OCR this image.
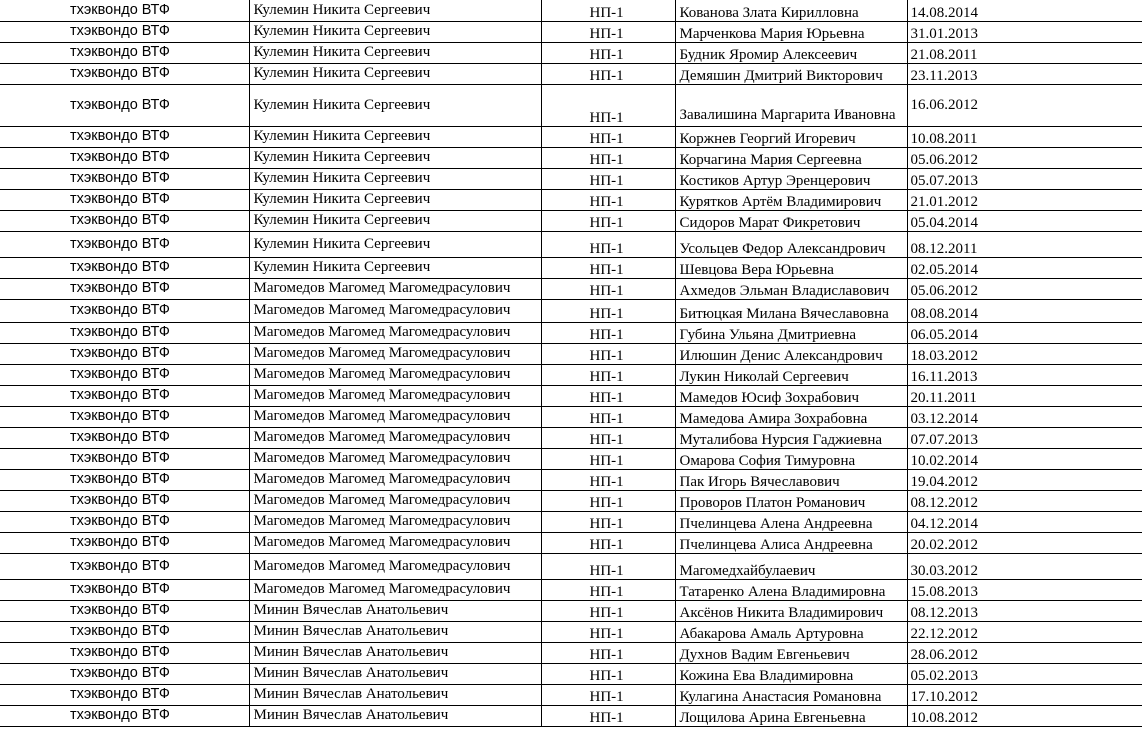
	тхэквондо ВТФ	Кулемин Никита Сергеевич	НП-1	Кованова Злата Кирилловна	14.08.2014
	тхэквондо ВТФ	Кулемин Никита Сергеевич	НП-1	Марченкова Мария Юрьевна	31.01.2013
	тхэквондо ВТФ	Кулемин Никита Сергеевич	НП-1	Будник Яромир Алексеевич	21.08.2011
	тхэквондо ВТФ	Кулемин Никита Сергеевич	НП-1	Демяшин Дмитрий Викторович	23.11.2013
	тхэквондо ВТФ	Кулемин Никита Сергеевич	НП-1	Завалишина Маргарита Ивановна	16.06.2012
	тхэквондо ВТФ	Кулемин Никита Сергеевич	НП-1	Коржнев Георгий Игоревич	10.08.2011
	тхэквондо ВТФ	Кулемин Никита Сергеевич	НП-1	Корчагина Мария Сергеевна	05.06.2012
	тхэквондо ВТФ	Кулемин Никита Сергеевич	НП-1	Костиков Артур Эренцерович	05.07.2013
	тхэквондо ВТФ	Кулемин Никита Сергеевич	НП-1	Курятков Артём Владимирович	21.01.2012
	тхэквондо ВТФ	Кулемин Никита Сергеевич	НП-1	Сидоров Марат Фикретович	05.04.2014
	тхэквондо ВТФ	Кулемин Никита Сергеевич	НП-1	Усольцев Федор Александрович	08.12.2011
	тхэквондо ВТФ	Кулемин Никита Сергеевич	НП-1	Шевцова Вера Юрьевна	02.05.2014
	тхэквондо ВТФ	Магомедов Магомед Магомедрасулович	НП-1	Ахмедов Эльман Владиславович	05.06.2012
	тхэквондо ВТФ	Магомедов Магомед Магомедрасулович	НП-1	Битюцкая Милана Вячеславовна	08.08.2014
	тхэквондо ВТФ	Магомедов Магомед Магомедрасулович	НП-1	Губина Ульяна Дмитриевна	06.05.2014
	тхэквондо ВТФ	Магомедов Магомед Магомедрасулович	НП-1	Илюшин Денис Александрович	18.03.2012
	тхэквондо ВТФ	Магомедов Магомед Магомедрасулович	НП-1	Лукин Николай Сергеевич	16.11.2013
	тхэквондо ВТФ	Магомедов Магомед Магомедрасулович	НП-1	Мамедов Юсиф Зохрабович	20.11.2011
	тхэквондо ВТФ	Магомедов Магомед Магомедрасулович	НП-1	Мамедова Амира Зохрабовна	03.12.2014
	тхэквондо ВТФ	Магомедов Магомед Магомедрасулович	НП-1	Муталибова Нурсия Гаджиевна	07.07.2013
	тхэквондо ВТФ	Магомедов Магомед Магомедрасулович	НП-1	Омарова София Тимуровна	10.02.2014
	тхэквондо ВТФ	Магомедов Магомед Магомедрасулович	НП-1	Пак Игорь Вячеславович	19.04.2012
	тхэквондо ВТФ	Магомедов Магомед Магомедрасулович	НП-1	Проворов Платон Романович	08.12.2012
	тхэквондо ВТФ	Магомедов Магомед Магомедрасулович	НП-1	Пчелинцева Алена Андреевна	04.12.2014
	тхэквондо ВТФ	Магомедов Магомед Магомедрасулович	НП-1	Пчелинцева Алиса Андреевна	20.02.2012
	тхэквондо ВТФ	Магомедов Магомед Магомедрасулович	НП-1	Магомедхайбулаевич	30.03.2012
	тхэквондо ВТФ	Магомедов Магомед Магомедрасулович	НП-1	Татаренко Алена Владимировна	15.08.2013
	тхэквондо ВТФ	Минин Вячеслав Анатольевич	НП-1	Аксёнов Никита Владимирович	08.12.2013
	тхэквондо ВТФ	Минин Вячеслав Анатольевич	НП-1	Абакарова Амаль Артуровна	22.12.2012
	тхэквондо ВТФ	Минин Вячеслав Анатольевич	НП-1	Духнов Вадим Евгеньевич	28.06.2012
	тхэквондо ВТФ	Минин Вячеслав Анатольевич	НП-1	Кожина Ева Владимировна	05.02.2013
	тхэквондо ВТФ	Минин Вячеслав Анатольевич	НП-1	Кулагина Анастасия Романовна	17.10.2012
	тхэквондо ВТФ	Минин Вячеслав Анатольевич	НП-1	Лощилова Арина Евгеньевна	10.08.2012
